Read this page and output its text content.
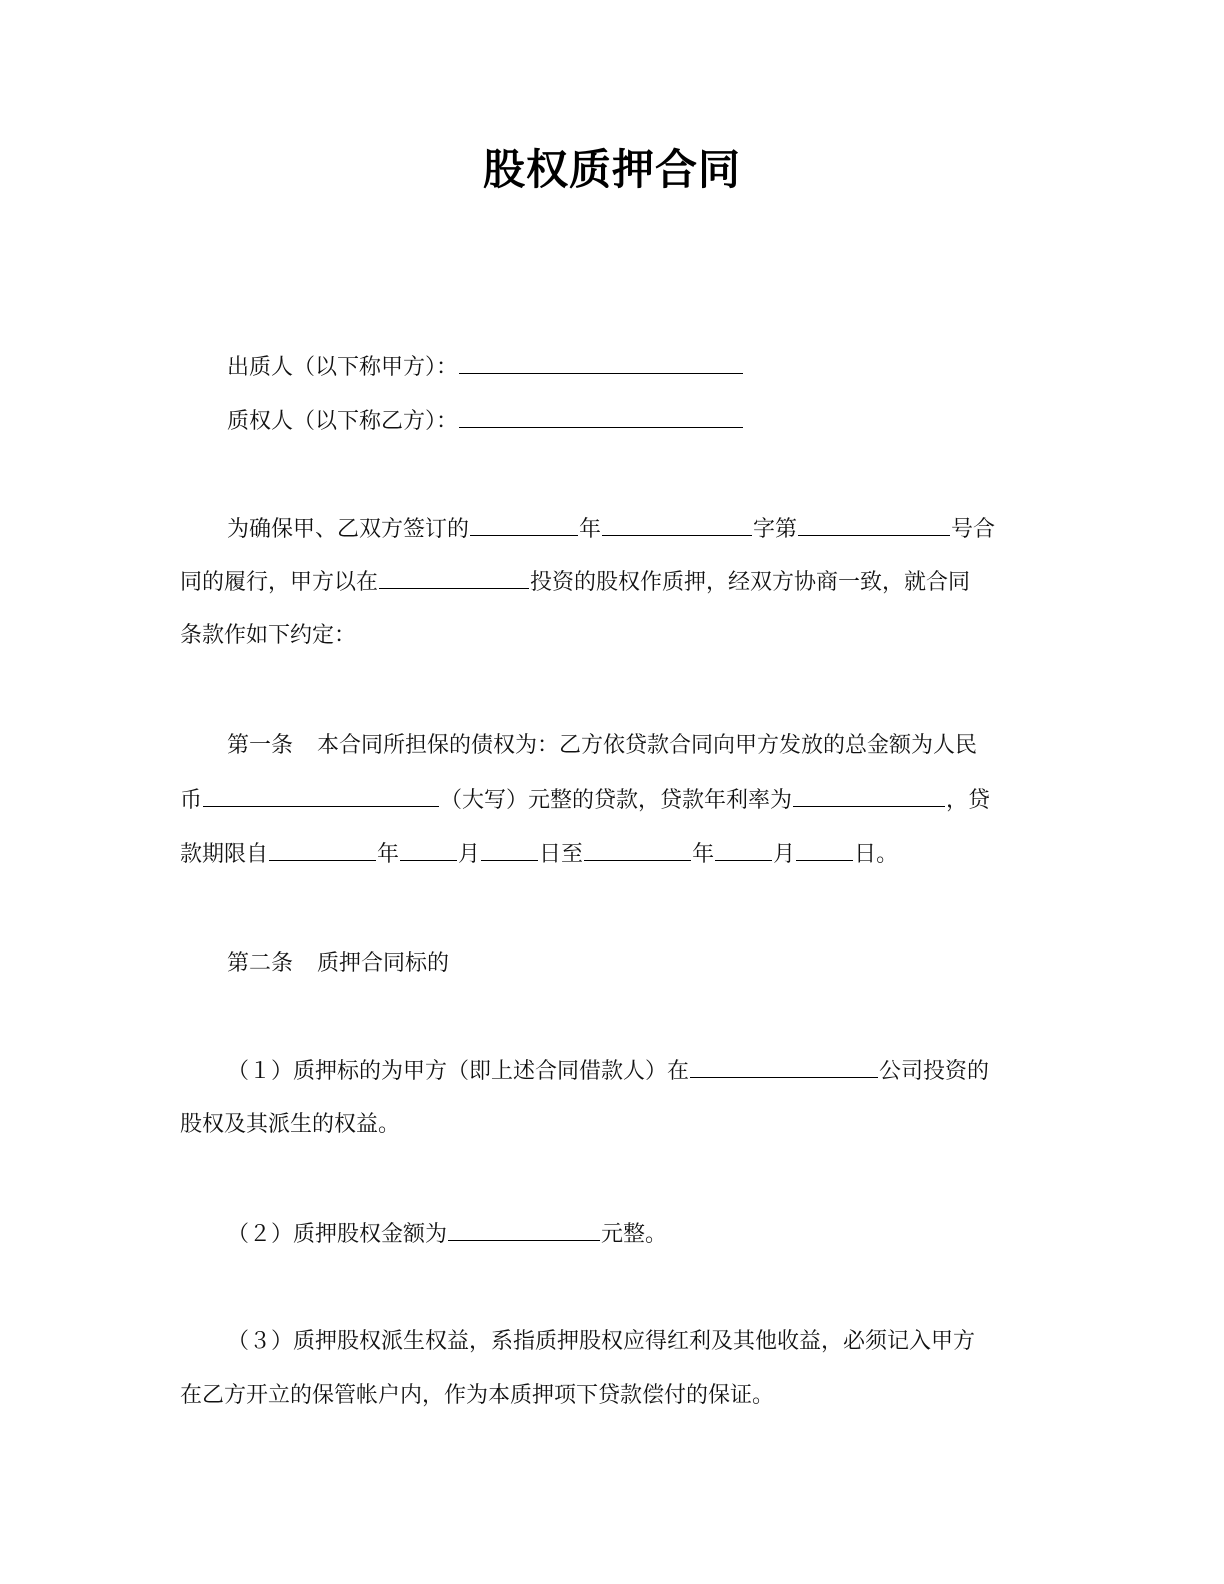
股权质押合同
出质人（以下称甲方）：
质权人（以下称乙方）：
为确保甲、乙双方签订的	年	字第	号合
同的履行，甲方以在	投资的股权作质押，经双方协商一致，就合同
条款作如下约定：
第一条 本合同所担保的债权为：乙方依贷款合同向甲方发放的总金额为人民
币	（大写）元整的贷款，贷款年利率为	，贷
款期限自	年	月	日至	年	月	日。
第二条 质押合同标的
（１）质押标的为甲方（即上述合同借款人）在	公司投资的
股权及其派生的权益。
（２）质押股权金额为	元整。
（３）质押股权派生权益，系指质押股权应得红利及其他收益，必须记入甲方
在乙方开立的保管帐户内，作为本质押项下贷款偿付的保证。
